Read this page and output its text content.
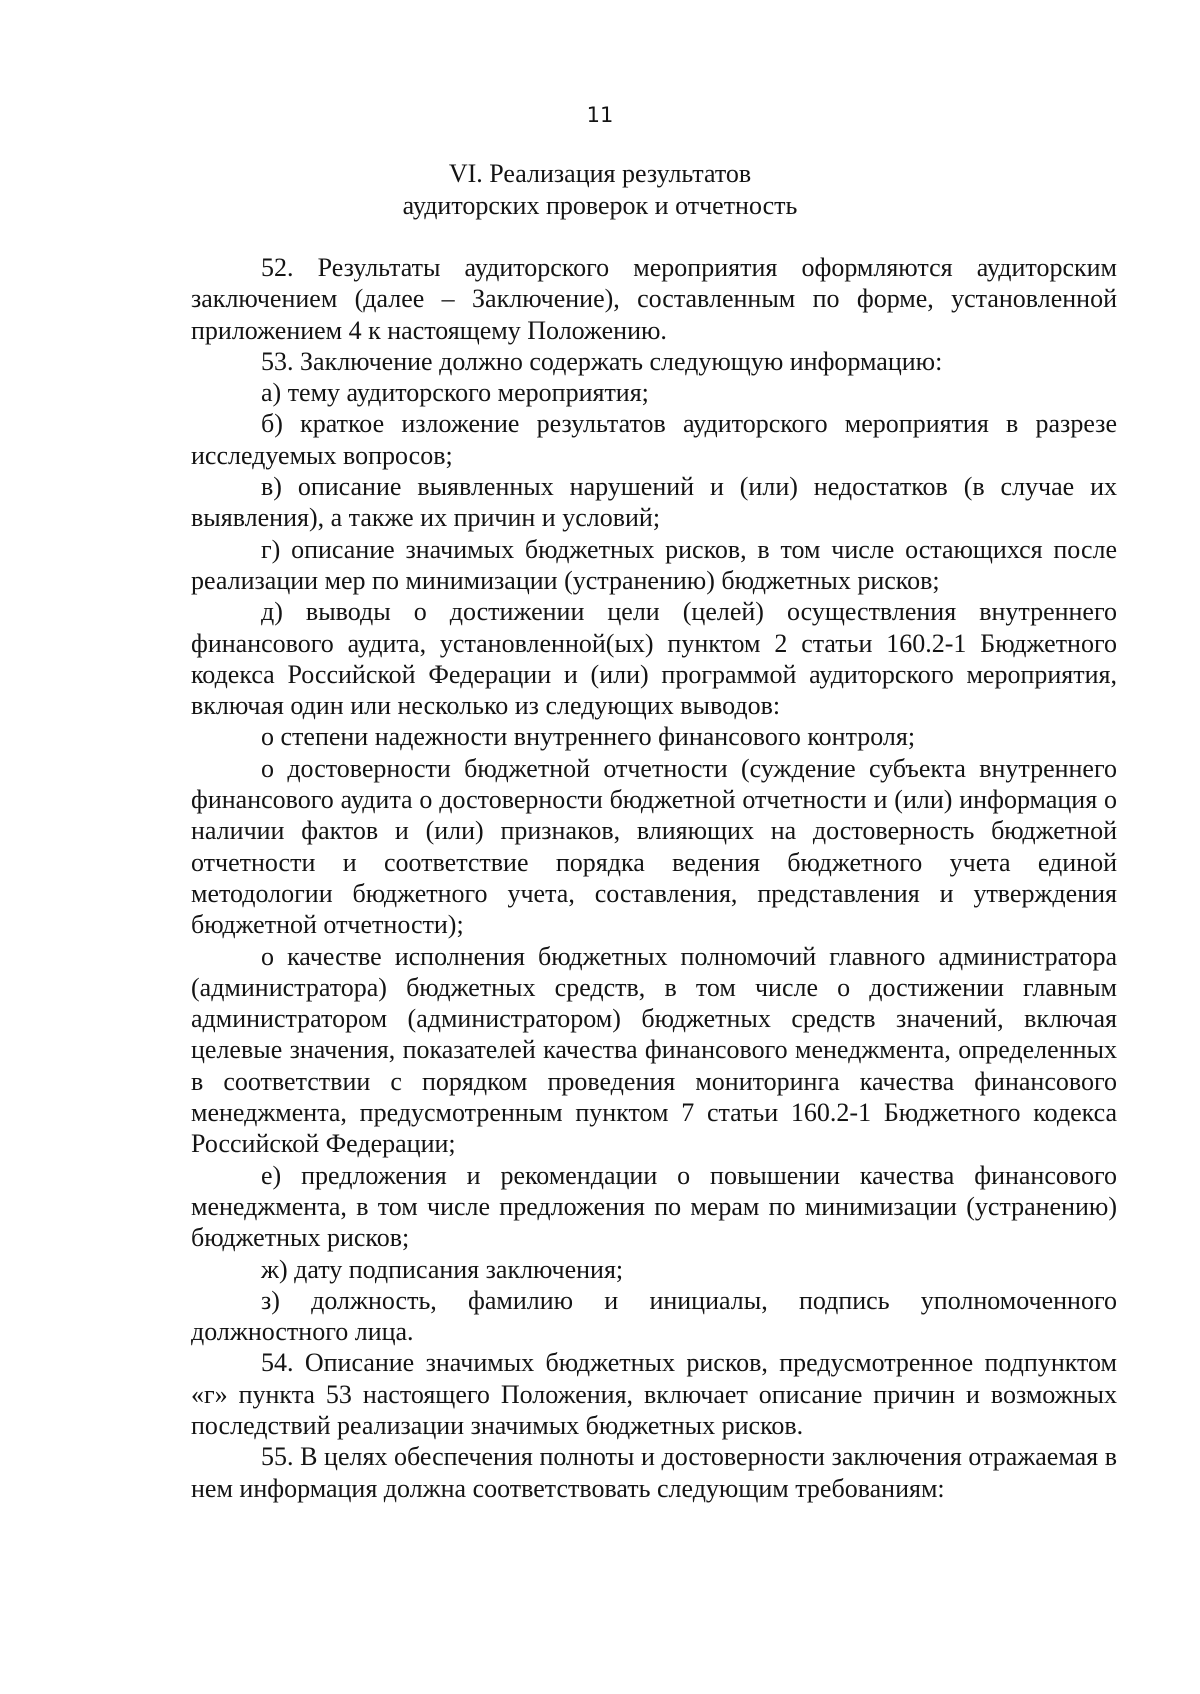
11
VI. Реализация результатов
аудиторских проверок и отчетность

52. Результаты аудиторского мероприятия оформляются аудиторским заключением (далее – Заключение), составленным по форме, установленной приложением 4 к настоящему Положению.

53. Заключение должно содержать следующую информацию:

а) тему аудиторского мероприятия;

б) краткое изложение результатов аудиторского мероприятия в разрезе исследуемых вопросов;

в) описание выявленных нарушений и (или) недостатков (в случае их выявления), а также их причин и условий;

г) описание значимых бюджетных рисков, в том числе остающихся после реализации мер по минимизации (устранению) бюджетных рисков;

д) выводы о достижении цели (целей) осуществления внутреннего финансового аудита, установленной(ых) пунктом 2 статьи 160.2-1 Бюджетного кодекса Российской Федерации и (или) программой аудиторского мероприятия, включая один или несколько из следующих выводов:

о степени надежности внутреннего финансового контроля;

о достоверности бюджетной отчетности (суждение субъекта внутреннего финансового аудита о достоверности бюджетной отчетности и (или) информация о наличии фактов и (или) признаков, влияющих на достоверность бюджетной отчетности и соответствие порядка ведения бюджетного учета единой методологии бюджетного учета, составления, представления и утверждения бюджетной отчетности);

о качестве исполнения бюджетных полномочий главного администратора (администратора) бюджетных средств, в том числе о достижении главным администратором (администратором) бюджетных средств значений, включая целевые значения, показателей качества финансового менеджмента, определенных в соответствии с порядком проведения мониторинга качества финансового менеджмента, предусмотренным пунктом 7 статьи 160.2-1 Бюджетного кодекса Российской Федерации;

е) предложения и рекомендации о повышении качества финансового менеджмента, в том числе предложения по мерам по минимизации (устранению) бюджетных рисков;

ж) дату подписания заключения;

з) должность, фамилию и инициалы, подпись уполномоченного должностного лица.

54. Описание значимых бюджетных рисков, предусмотренное подпунктом «г» пункта 53 настоящего Положения, включает описание причин и возможных последствий реализации значимых бюджетных рисков.

55. В целях обеспечения полноты и достоверности заключения отражаемая в нем информация должна соответствовать следующим требованиям:
